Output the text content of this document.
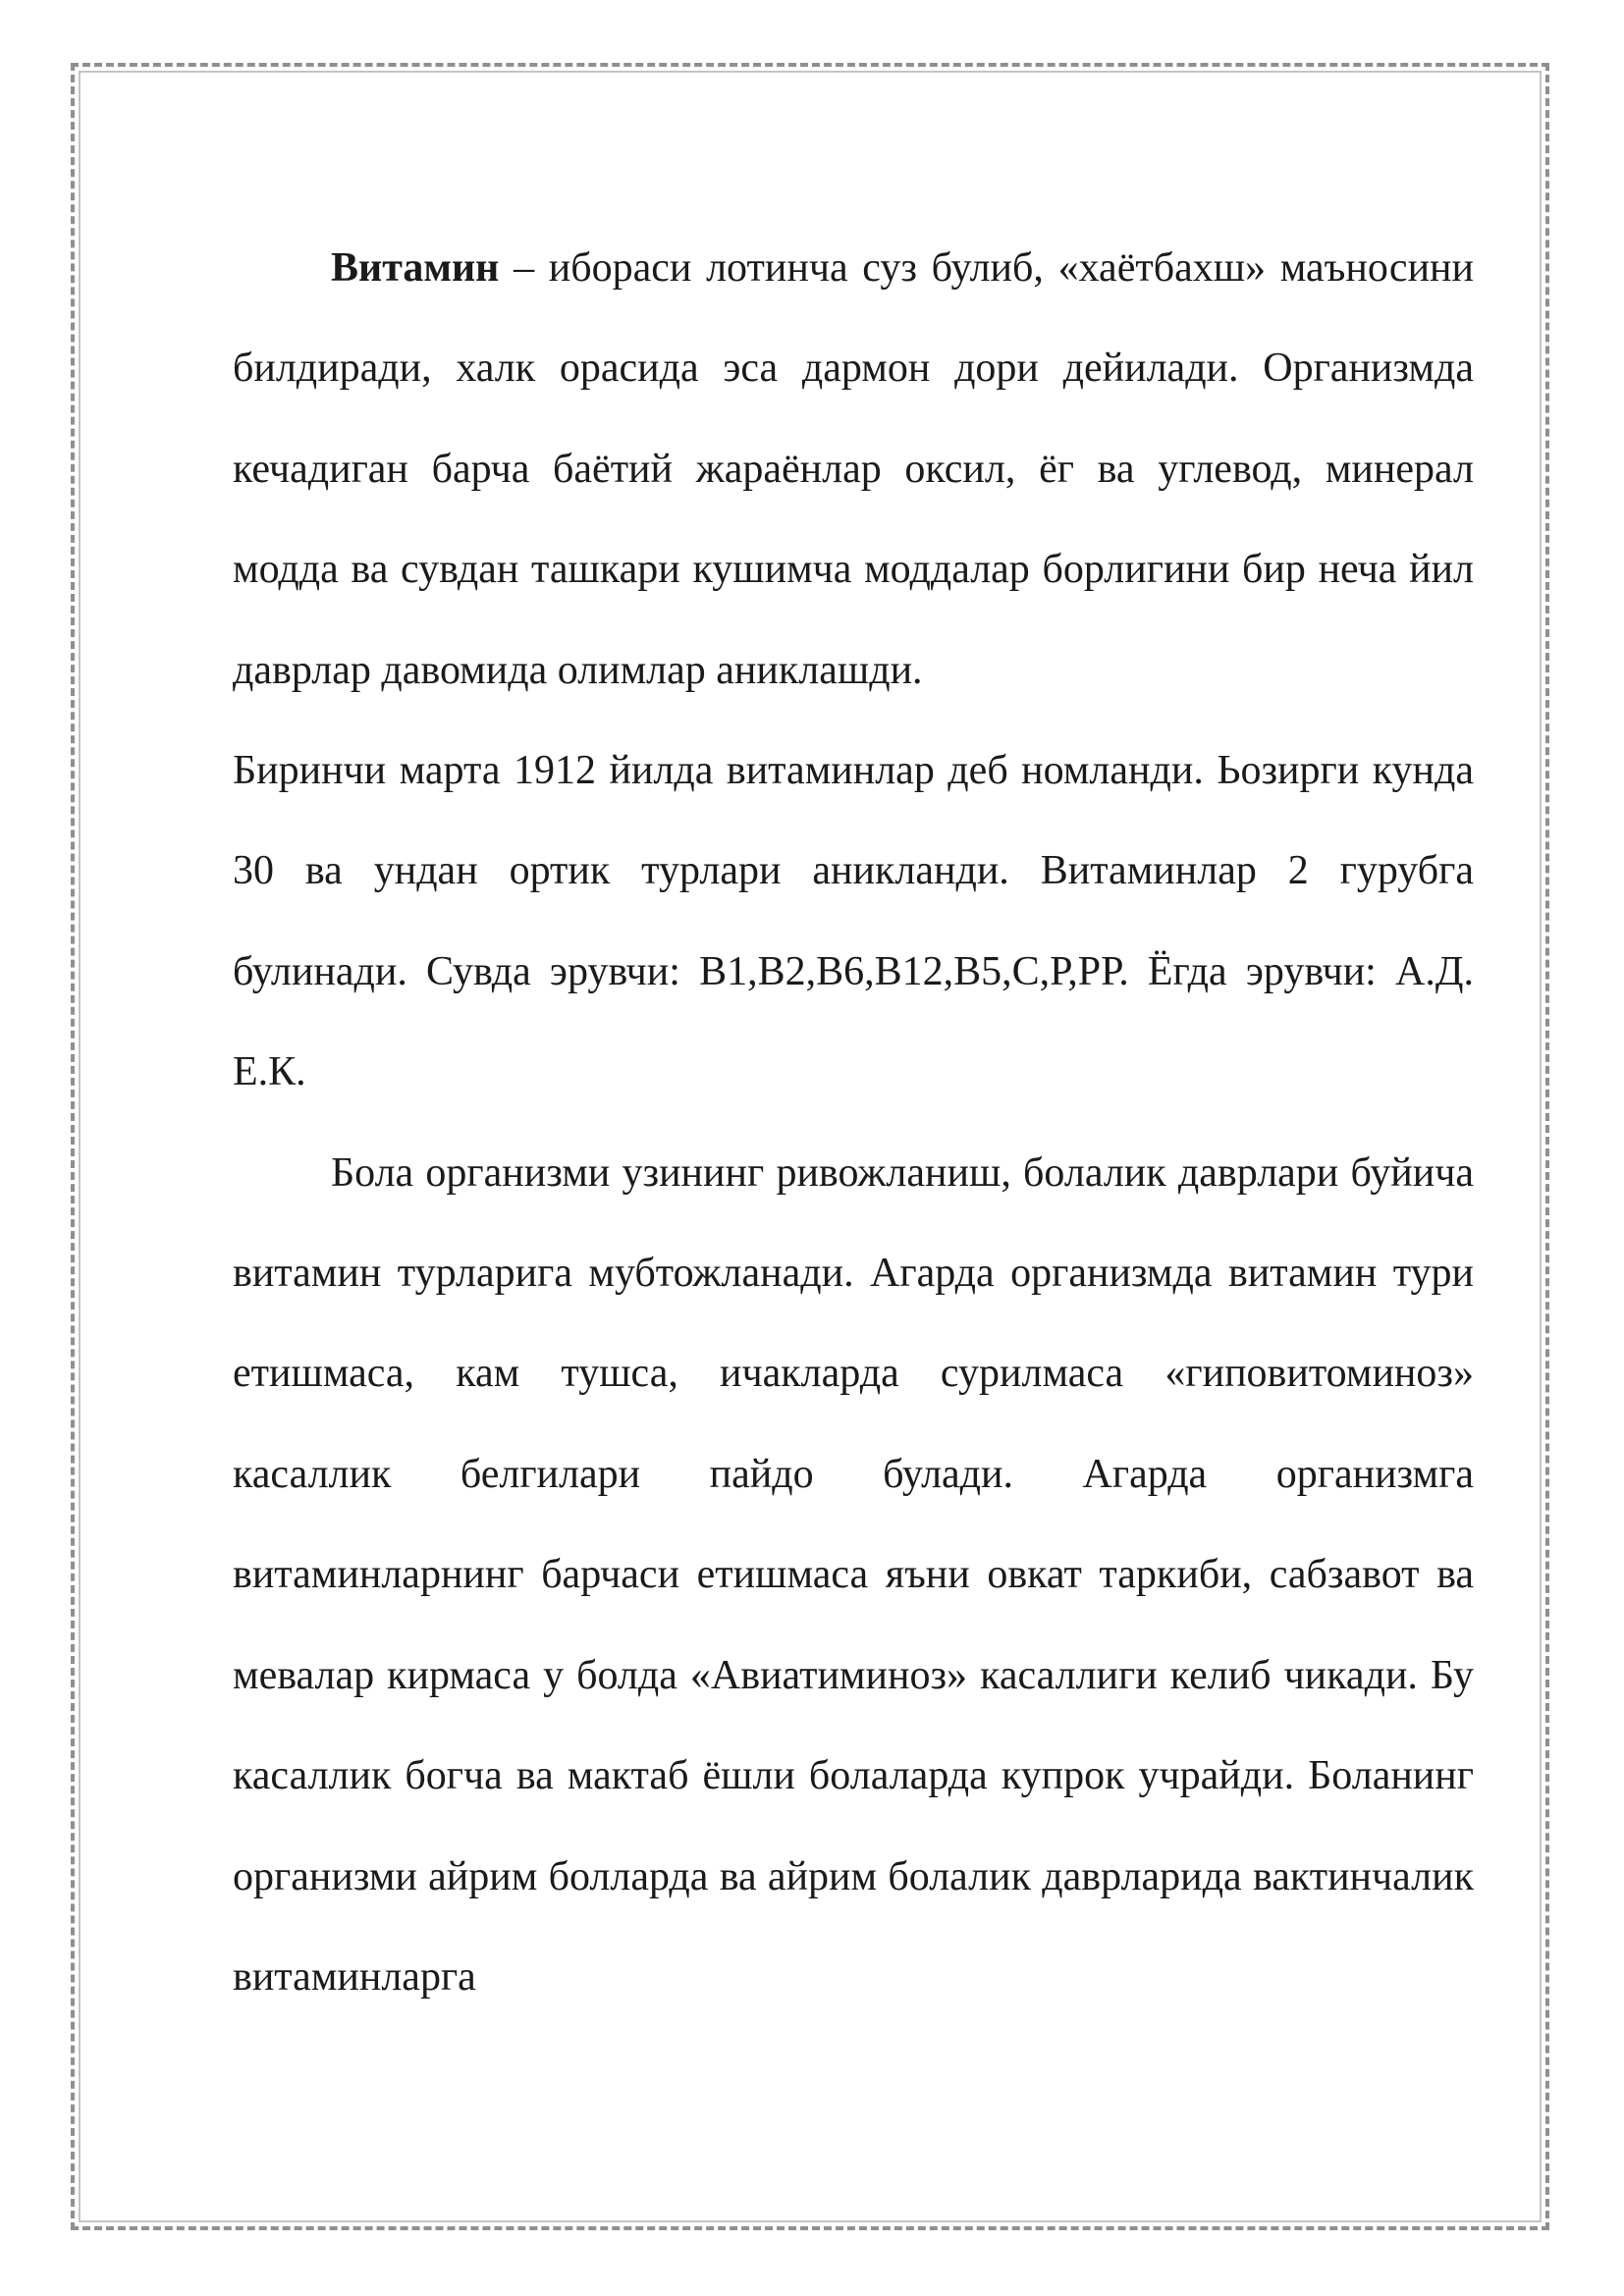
Витамин – ибораси лотинча суз булиб, «хаётбахш» маъносини билдиради, халк орасида эса дармон дори дейилади. Организмда кечадиган барча баётий жараёнлар оксил, ёг ва углевод, минерал модда ва сувдан ташкари кушимча моддалар борлигини бир неча йил даврлар давомида олимлар аниклашди.

Биринчи марта 1912 йилда витаминлар деб номланди. Ьозирги кунда 30 ва ундан ортик турлари аникланди. Витаминлар 2 гурубга булинади. Сувда эрувчи: В1,В2,В6,В12,В5,С,Р,РР. Ёгда эрувчи: А.Д. Е.К.

Бола организми узининг ривожланиш, болалик даврлари буйича витамин турларига мубтожланади. Агарда организмда витамин тури етишмаса, кам тушса, ичакларда сурилмаса «гиповитоминоз» касаллик белгилари пайдо булади. Агарда организмга витаминларнинг барчаси етишмаса яъни овкат таркиби, сабзавот ва мевалар кирмаса у болда «Авиатиминоз» касаллиги келиб чикади. Бу касаллик богча ва мактаб ёшли болаларда купрок учрайди. Боланинг организми айрим болларда ва айрим болалик даврларида вактинчалик витаминларга
